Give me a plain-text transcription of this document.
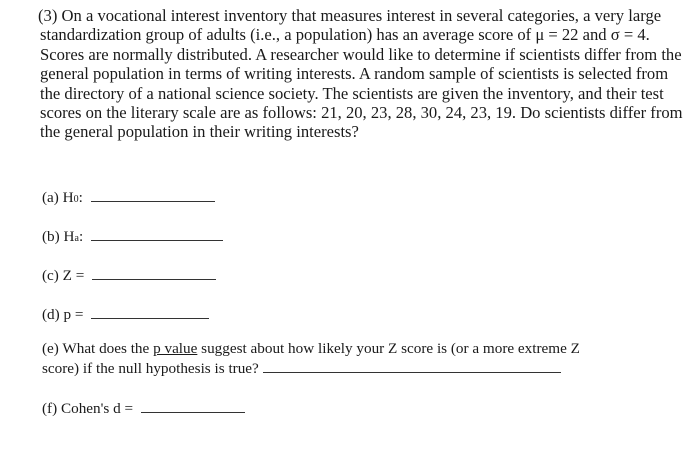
(3) On a vocational interest inventory that measures interest in several categories, a very large standardization group of adults (i.e., a population) has an average score of μ = 22 and σ = 4. Scores are normally distributed. A researcher would like to determine if scientists differ from the general population in terms of writing interests. A random sample of scientists is selected from the directory of a national science society. The scientists are given the inventory, and their test scores on the literary scale are as follows: 21, 20, 23, 28, 30, 24, 23, 19. Do scientists differ from the general population in their writing interests?

(a) H0:
(b) Ha:
(c) Z =
(d) p =
(e) What does the p value suggest about how likely your Z score is (or a more extreme Z
score) if the null hypothesis is true?
(f) Cohen's d =
